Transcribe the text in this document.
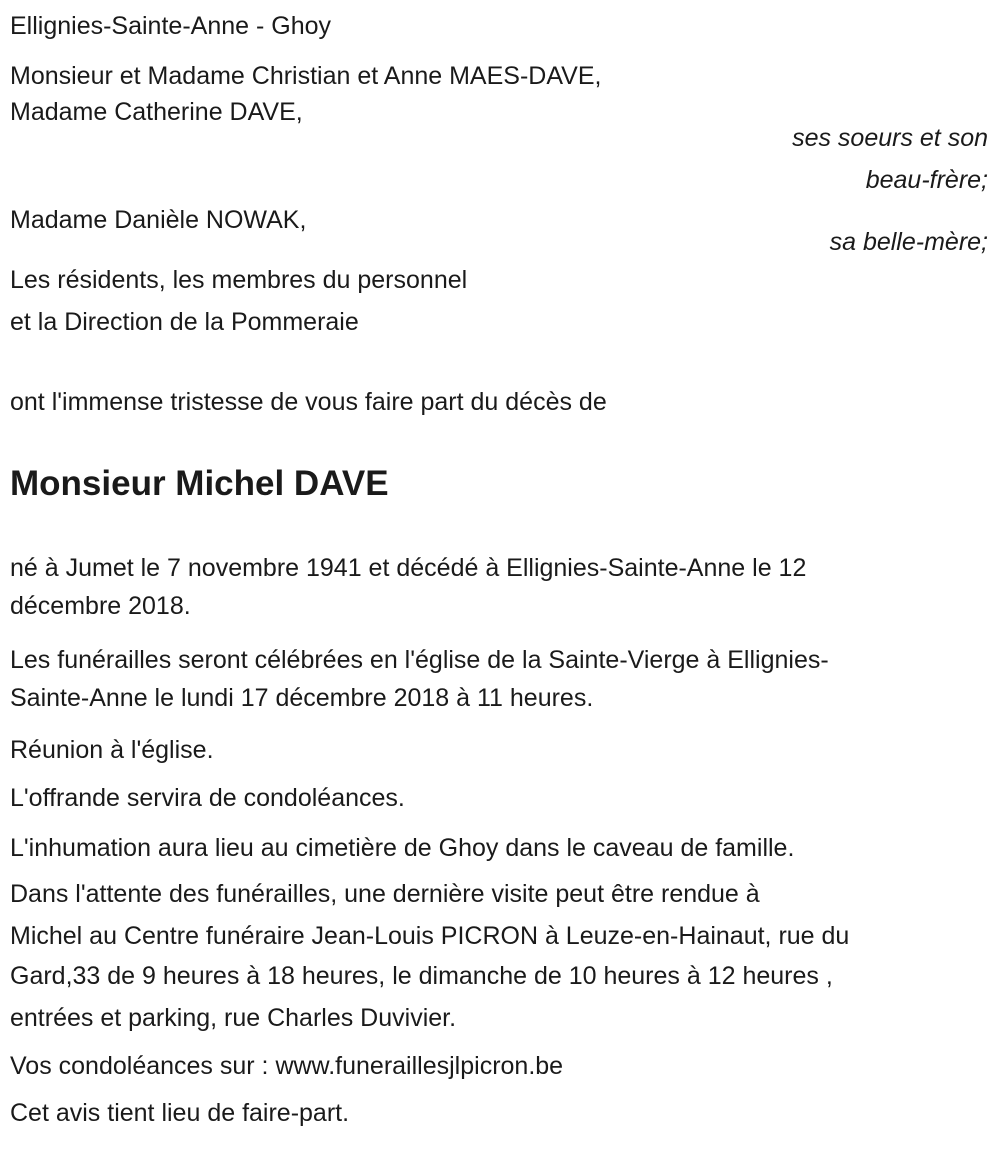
Ellignies-Sainte-Anne - Ghoy
Monsieur et Madame Christian et Anne MAES-DAVE,
Madame Catherine DAVE,
ses soeurs et son
beau-frère;
Madame Danièle NOWAK,
sa belle-mère;
Les résidents, les membres du personnel
et la Direction de la Pommeraie
ont l'immense tristesse de vous faire part du décès de
Monsieur Michel DAVE
né à Jumet le 7 novembre 1941 et décédé à Ellignies-Sainte-Anne le 12
décembre 2018.
Les funérailles seront célébrées en l'église de la Sainte-Vierge à Ellignies-
Sainte-Anne le lundi 17 décembre 2018 à 11 heures.
Réunion à l'église.
L'offrande servira de condoléances.
L'inhumation aura lieu au cimetière de Ghoy dans le caveau de famille.
Dans l'attente des funérailles, une dernière visite peut être rendue à
Michel au Centre funéraire Jean-Louis PICRON à Leuze-en-Hainaut, rue du
Gard,33 de 9 heures à 18 heures, le dimanche de 10 heures à 12 heures ,
entrées et parking, rue Charles Duvivier.
Vos condoléances sur : www.funerailles​jlpicron.be
Cet avis tient lieu de faire-part.
